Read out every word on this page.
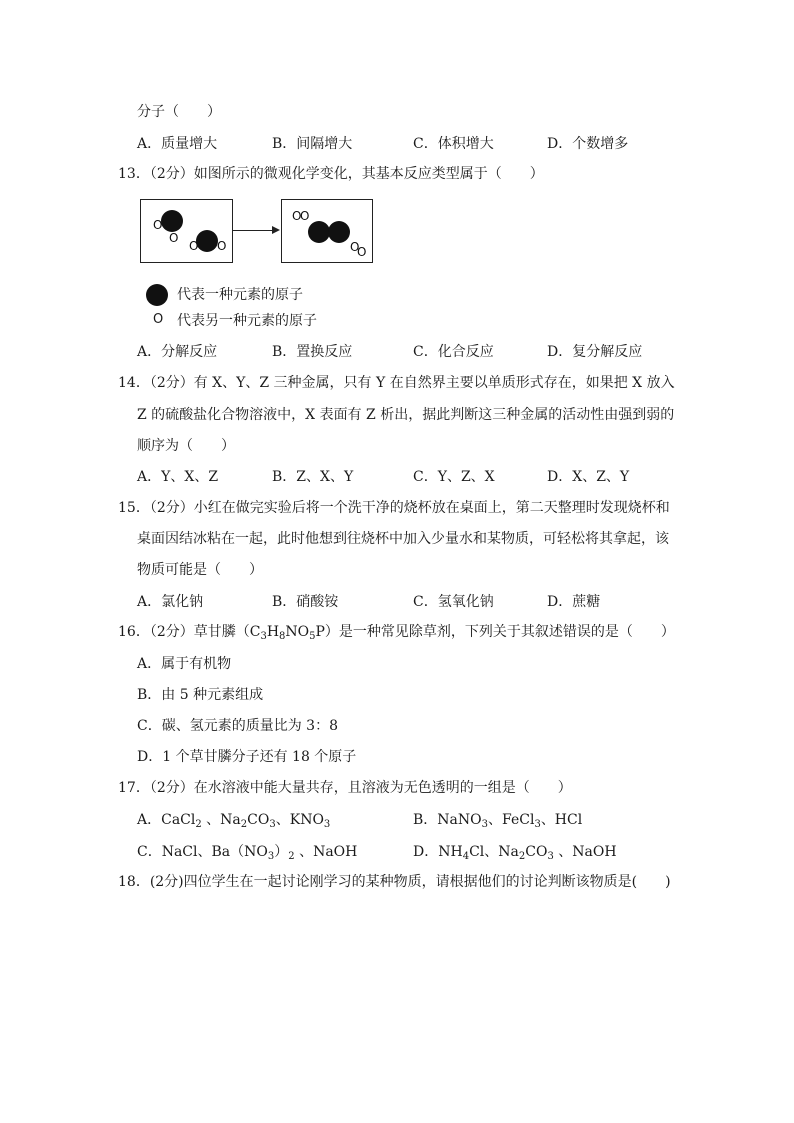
分子（　　）
A．质量增大	B．间隔增大	C．体积增大	D．个数增多
13．（2分）如图所示的微观化学变化，其基本反应类型属于（　　）
O
O
O O
O
O
O
O
代表一种元素的原子
O 代表另一种元素的原子
A．分解反应	B．置换反应	C．化合反应	D．复分解反应
14．（2分）有 X、Y、Z 三种金属，只有 Y 在自然界主要以单质形式存在，如果把 X 放入
Z 的硫酸盐化合物溶液中，X 表面有 Z 析出，据此判断这三种金属的活动性由强到弱的
顺序为（　　）
A．Y、X、Z	B．Z、X、Y	C．Y、Z、X	D．X、Z、Y
15．（2分）小红在做完实验后将一个洗干净的烧杯放在桌面上，第二天整理时发现烧杯和
桌面因结冰粘在一起，此时他想到往烧杯中加入少量水和某物质，可轻松将其拿起，该
物质可能是（　　）
A．氯化钠	B．硝酸铵	C．氢氧化钠	D．蔗糖
16．（2分）草甘膦$(C_3H_8NO_5P)$是一种常见除草剂，下列关于其叙述错误的是（　　）
A．属于有机物
B．由 5 种元素组成
C．碳、氢元素的质量比为 3：8
D．1 个草甘膦分子还有 18 个原子
17．（2分）在水溶液中能大量共存，且溶液为无色透明的一组是（　　）
A．CaCl$_2$ 、$Na_2CO_3$、$KNO_3$	B．NaNO$_3$、FeCl$_3$、HCl
C．NaCl、$Ba(NO_3)_2$ 、NaOH	D．$NH_4Cl$、$Na_2CO_3$ 、NaOH
18．(2分)四位学生在一起讨论刚学习的某种物质，请根据他们的讨论判断该物质是(　　)
